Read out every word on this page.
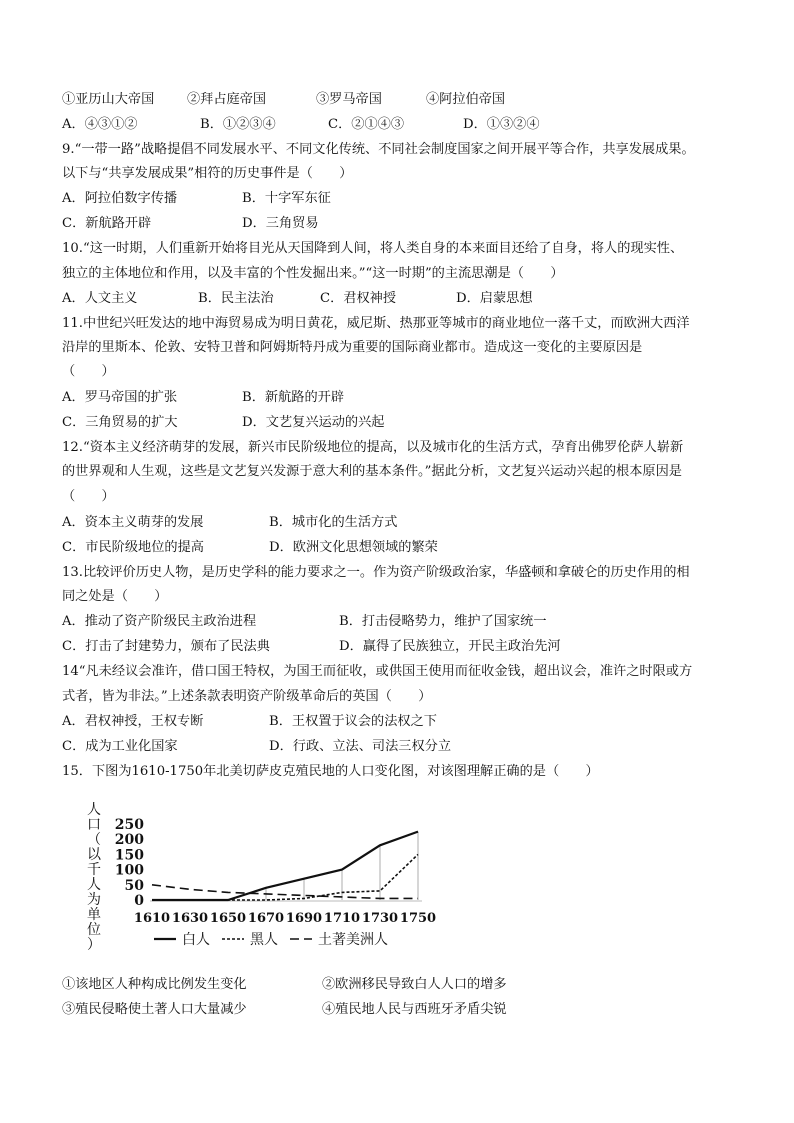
①亚历山大帝国 ②拜占庭帝国	③罗马帝国	④阿拉伯帝国
A．④③①②	B．①②③④	C．②①④③	D．①③②④
9.“一带一路”战略提倡不同发展水平、不同文化传统、不同社会制度国家之间开展平等合作，共享发展成果。
以下与“共享发展成果”相符的历史事件是（　　）
A．阿拉伯数字传播	B．十字军东征
C．新航路开辟	D．三角贸易
10.“这一时期，人们重新开始将目光从天国降到人间，将人类自身的本来面目还给了自身，将人的现实性、
独立的主体地位和作用，以及丰富的个性发掘出来。”“这一时期”的主流思潮是（　　）
A．人文主义	B．民主法治	C．君权神授	D．启蒙思想
11.中世纪兴旺发达的地中海贸易成为明日黄花，威尼斯、热那亚等城市的商业地位一落千丈，而欧洲大西洋
沿岸的里斯本、伦敦、安特卫普和阿姆斯特丹成为重要的国际商业都市。造成这一变化的主要原因是
（　　）
A．罗马帝国的扩张	B．新航路的开辟
C．三角贸易的扩大	D．文艺复兴运动的兴起
12.“资本主义经济萌芽的发展，新兴市民阶级地位的提高，以及城市化的生活方式，孕育出佛罗伦萨人崭新
的世界观和人生观，这些是文艺复兴发源于意大利的基本条件。”据此分析，文艺复兴运动兴起的根本原因是
（　　）
A．资本主义萌芽的发展	B．城市化的生活方式
C．市民阶级地位的提高	D．欧洲文化思想领域的繁荣
13.比较评价历史人物，是历史学科的能力要求之一。作为资产阶级政治家，华盛顿和拿破仑的历史作用的相
同之处是（　　）
A．推动了资产阶级民主政治进程	B．打击侵略势力，维护了国家统一
C．打击了封建势力，颁布了民法典	D．赢得了民族独立，开民主政治先河
14“凡未经议会准许，借口国王特权，为国王而征收，或供国王使用而征收金钱，超出议会，准许之时限或方
式者，皆为非法。”上述条款表明资产阶级革命后的英国（　　）
A．君权神授，王权专断	B．王权置于议会的法权之下
C．成为工业化国家	D．行政、立法、司法三权分立
15．下图为1610-1750年北美切萨皮克殖民地的人口变化图，对该图理解正确的是（　　）
人口（以千人为单位）
250
200
150
100
50
0
1610 1630 1650 1670 1690 1710 1730 1750
白人	黑人	土著美洲人
①该地区人种构成比例发生变化	②欧洲移民导致白人人口的增多
③殖民侵略使土著人口大量减少	④殖民地人民与西班牙矛盾尖锐
